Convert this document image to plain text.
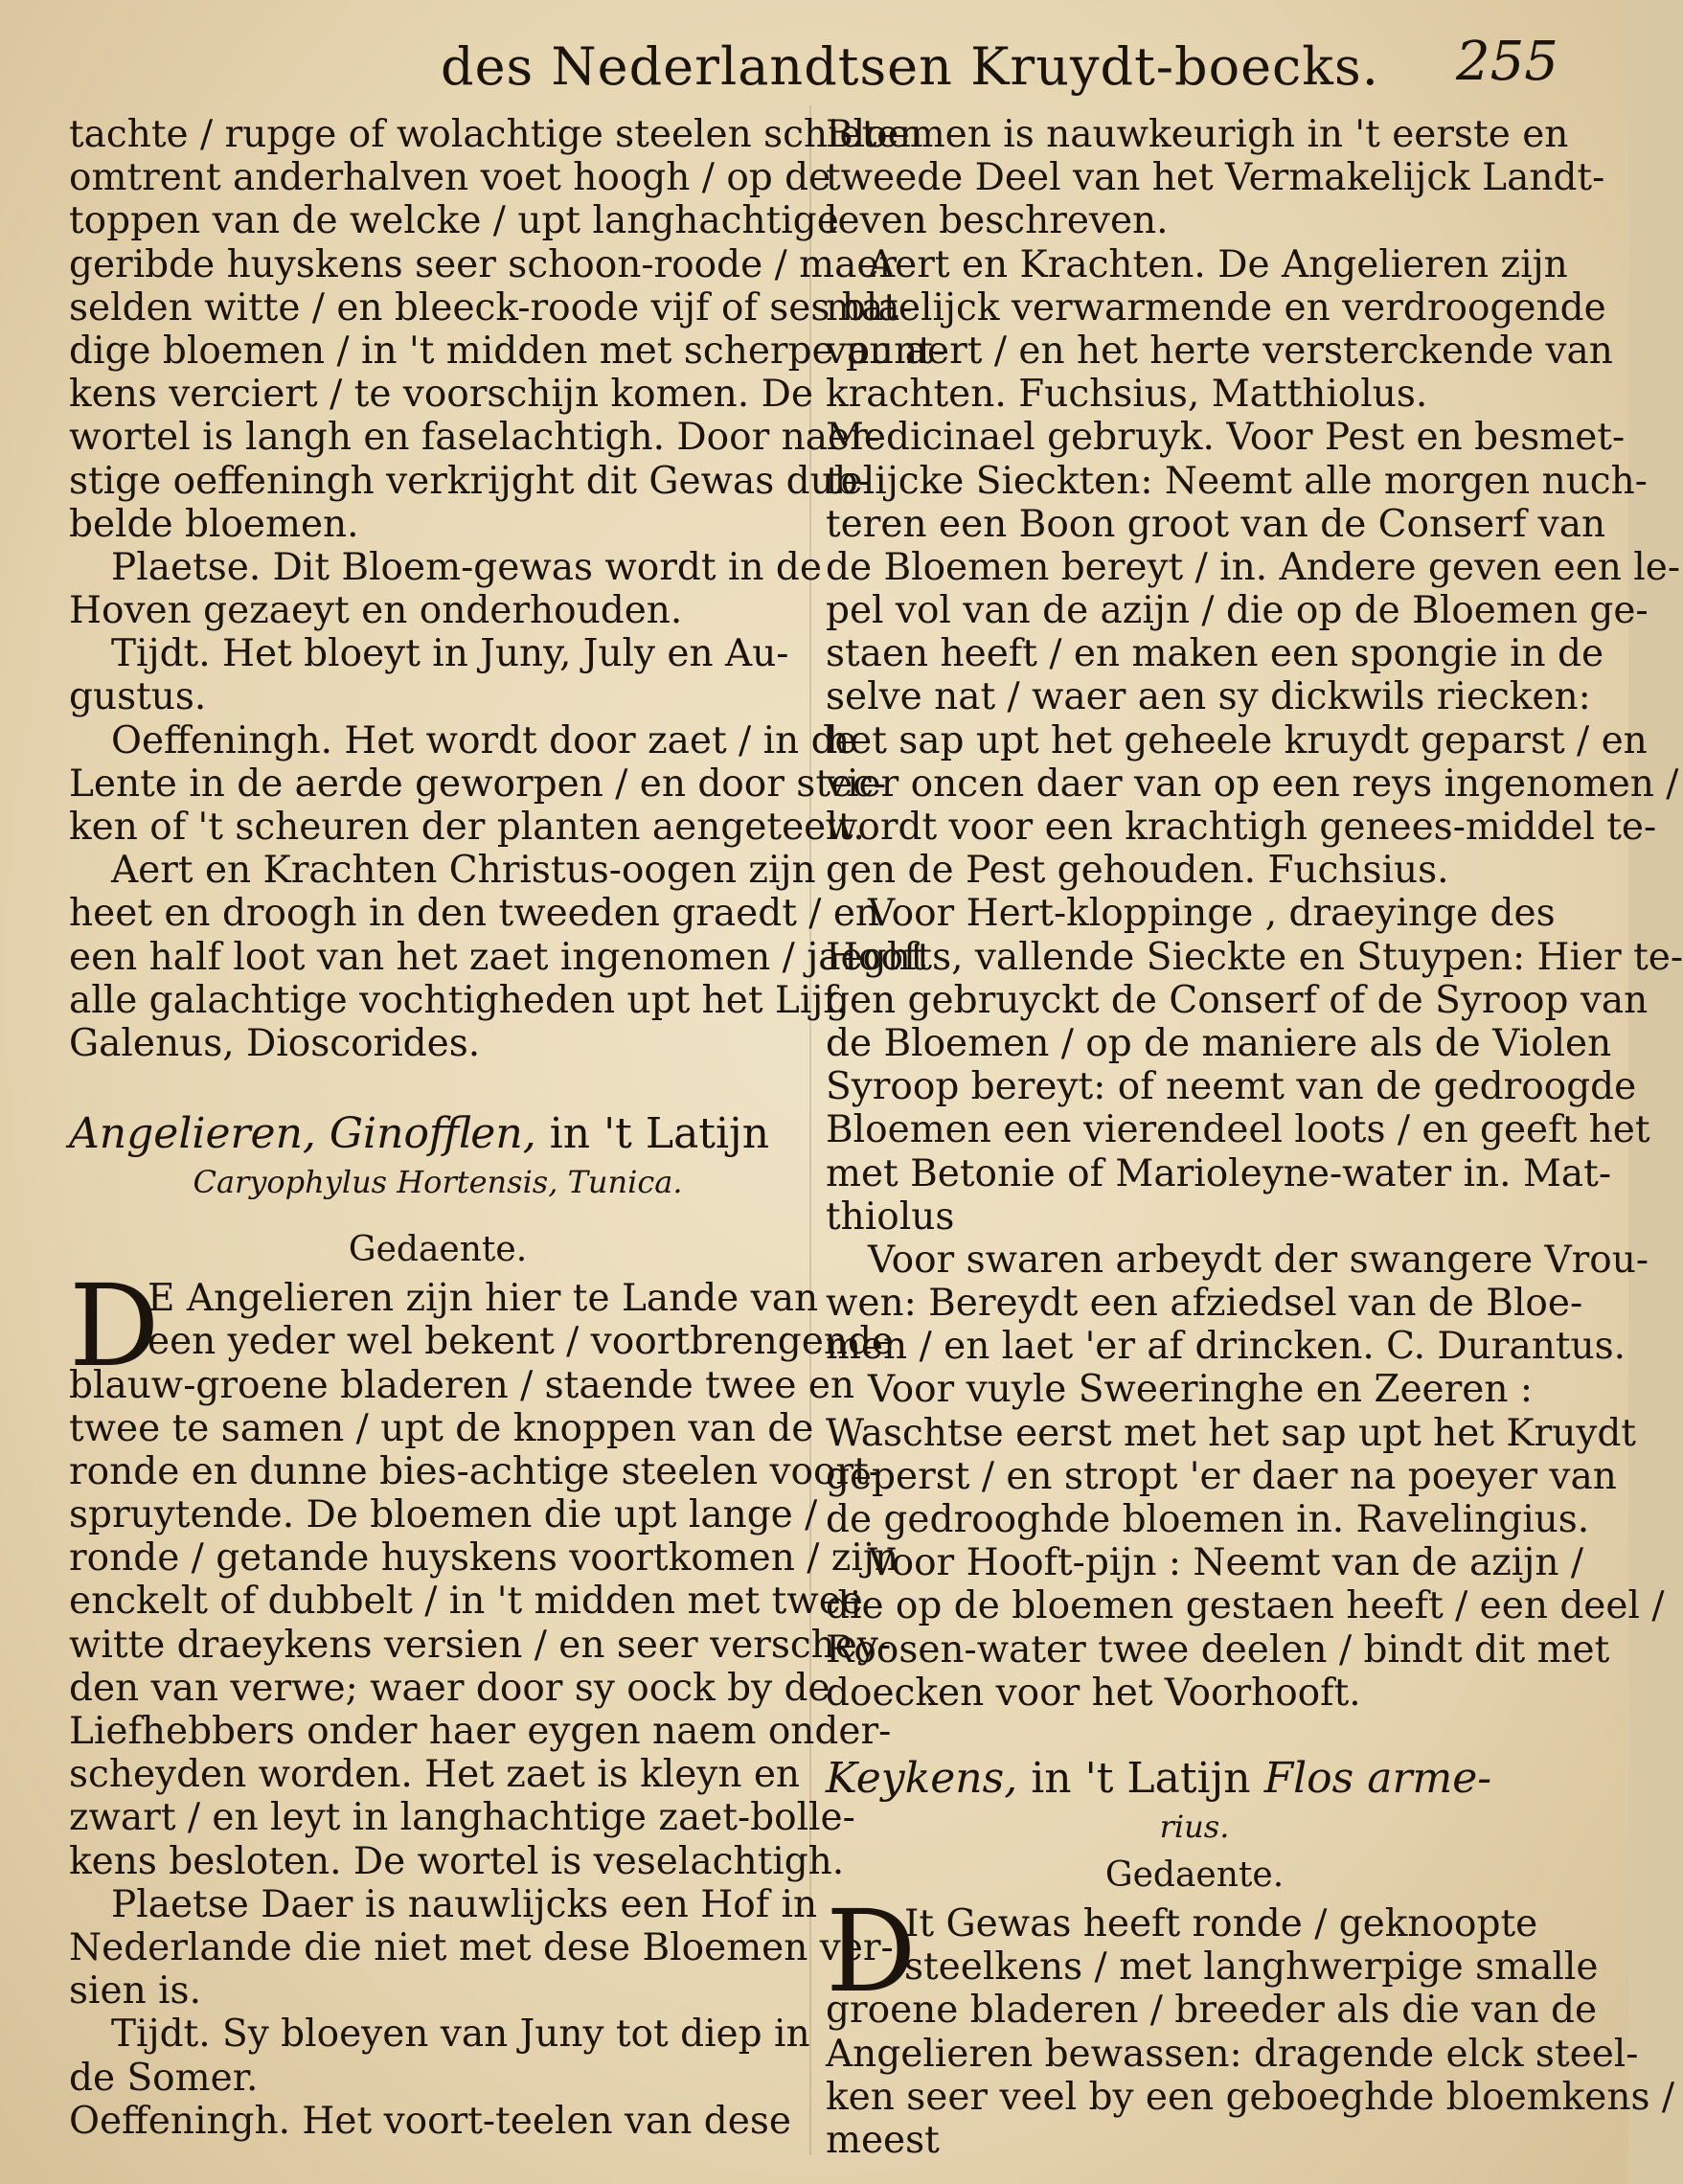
des Nederlandtsen Kruydt-boecks. 255
tachte / rupge of wolachtige steelen schieten
omtrent anderhalven voet hoogh / op de
toppen van de welcke / upt langhachtige
geribde huyskens seer schoon-roode / maer
selden witte / en bleeck-roode vijf of ses bla-
dige bloemen / in 't midden met scherpe punt-
kens verciert / te voorschijn komen. De
wortel is langh en faselachtigh. Door naer-
stige oeffeningh verkrijght dit Gewas dub-
belde bloemen.
Plaetse. Dit Bloem-gewas wordt in de
Hoven gezaeyt en onderhouden.
Tijdt. Het bloeyt in Juny, July en Au-
gustus.
Oeffeningh. Het wordt door zaet / in de
Lente in de aerde geworpen / en door stec-
ken of 't scheuren der planten aengeteelt.
Aert en Krachten Christus-oogen zijn
heet en droogh in den tweeden graedt / en
een half loot van het zaet ingenomen / jaeght
alle galachtige vochtigheden upt het Lijf.
Galenus, Dioscorides.
Angelieren, Ginofflen, in 't Latijn
Caryophylus Hortensis, Tunica.
Gedaente.
D
E Angelieren zijn hier te Lande van
een yeder wel bekent / voortbrengende
blauw-groene bladeren / staende twee en
twee te samen / upt de knoppen van de
ronde en dunne bies-achtige steelen voort-
spruytende. De bloemen die upt lange /
ronde / getande huyskens voortkomen / zijn
enckelt of dubbelt / in 't midden met twee
witte draeykens versien / en seer verschey-
den van verwe; waer door sy oock by de
Liefhebbers onder haer eygen naem onder-
scheyden worden. Het zaet is kleyn en
zwart / en leyt in langhachtige zaet-bolle-
kens besloten. De wortel is veselachtigh.
Plaetse Daer is nauwlijcks een Hof in
Nederlande die niet met dese Bloemen ver-
sien is.
Tijdt. Sy bloeyen van Juny tot diep in
de Somer.
Oeffeningh. Het voort-teelen van dese
Bloemen is nauwkeurigh in 't eerste en
tweede Deel van het Vermakelijck Landt-
leven beschreven.
Aert en Krachten. De Angelieren zijn
matelijck verwarmende en verdroogende
van aert / en het herte versterckende van
krachten. Fuchsius, Matthiolus.
Medicinael gebruyk. Voor Pest en besmet-
telijcke Sieckten: Neemt alle morgen nuch-
teren een Boon groot van de Conserf van
de Bloemen bereyt / in. Andere geven een le-
pel vol van de azijn / die op de Bloemen ge-
staen heeft / en maken een spongie in de
selve nat / waer aen sy dickwils riecken:
het sap upt het geheele kruydt geparst / en
vier oncen daer van op een reys ingenomen /
wordt voor een krachtigh genees-middel te-
gen de Pest gehouden. Fuchsius.
Voor Hert-kloppinge , draeyinge des
Hoofts, vallende Sieckte en Stuypen: Hier te-
gen gebruyckt de Conserf of de Syroop van
de Bloemen / op de maniere als de Violen
Syroop bereyt: of neemt van de gedroogde
Bloemen een vierendeel loots / en geeft het
met Betonie of Marioleyne-water in. Mat-
thiolus
Voor swaren arbeydt der swangere Vrou-
wen: Bereydt een afziedsel van de Bloe-
men / en laet 'er af drincken. C. Durantus.
Voor vuyle Sweeringhe en Zeeren :
Waschtse eerst met het sap upt het Kruydt
geperst / en stropt 'er daer na poeyer van
de gedrooghde bloemen in. Ravelingius.
Voor Hooft-pijn : Neemt van de azijn /
die op de bloemen gestaen heeft / een deel /
Roosen-water twee deelen / bindt dit met
doecken voor het Voorhooft.
Keykens, in 't Latijn Flos arme-
rius.
Gedaente.
D
It Gewas heeft ronde / geknoopte
steelkens / met langhwerpige smalle
groene bladeren / breeder als die van de
Angelieren bewassen: dragende elck steel-
ken seer veel by een geboeghde bloemkens /
meest
